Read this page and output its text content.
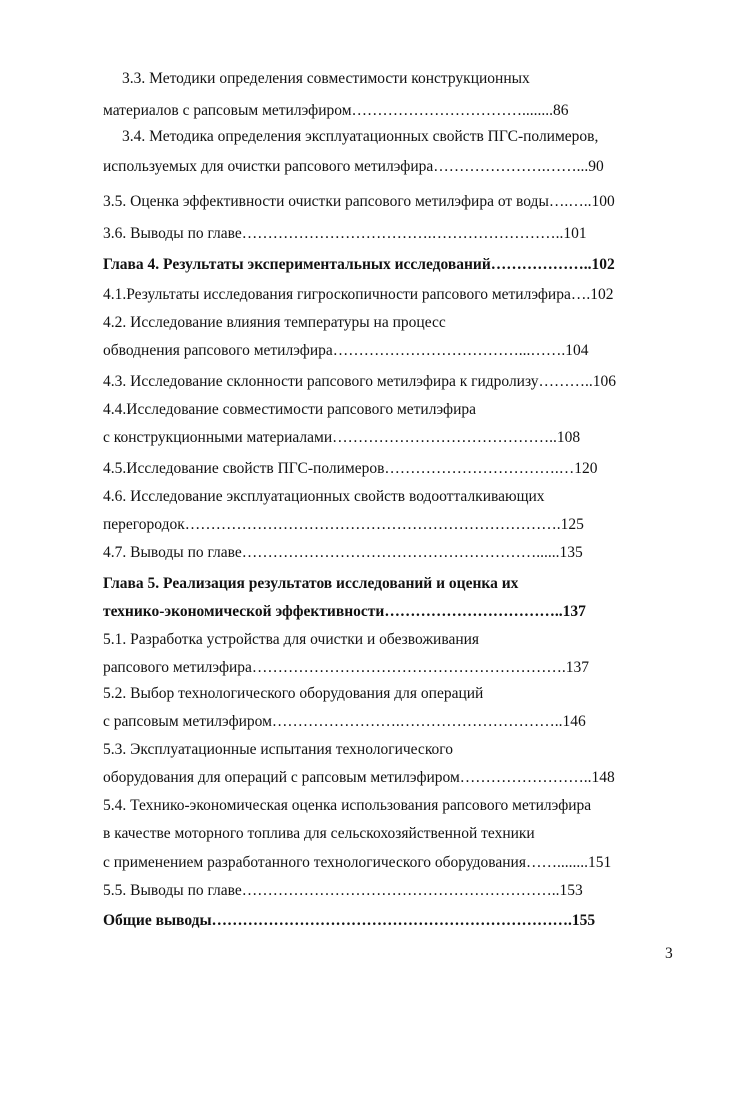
3.3. Методики определения совместимости конструкционных
материалов с рапсовым метилэфиром……………………………........86
3.4. Методика определения эксплуатационных свойств ПГС-полимеров,
используемых для очистки рапсового метилэфира………………….……...90
3.5. Оценка эффективности очистки рапсового метилэфира от воды….…..100
3.6. Выводы по главе……………………………….……………………..101
Глава 4. Результаты экспериментальных исследований………………..102
4.1.Результаты исследования гигроскопичности рапсового метилэфира….102
4.2. Исследование влияния температуры на процесс
обводнения рапсового метилэфира………………………………...…….104
4.3. Исследование склонности рапсового метилэфира к гидролизу………..106
4.4.Исследование совместимости рапсового метилэфира
с конструкционными материалами……………………………………..108
4.5.Исследование свойств ПГС-полимеров…………………………….…120
4.6. Исследование эксплуатационных свойств водоотталкивающих
перегородок……………………………………………………………….125
4.7. Выводы по главе…………………………………………………......135
Глава 5. Реализация результатов исследований и оценка их
технико-экономической эффективности……………………………..137
5.1. Разработка устройства для очистки и обезвоживания
рапсового метилэфира…………………………………………………….137
5.2. Выбор технологического оборудования для операций
с рапсовым метилэфиром…………………….…………………………..146
5.3. Эксплуатационные испытания технологического
оборудования для операций с рапсовым метилэфиром……………………..148
5.4. Технико-экономическая оценка использования рапсового метилэфира
в качестве моторного топлива для сельскохозяйственной техники
с применением разработанного технологического оборудования……........151
5.5. Выводы по главе……………………………………………………..153
Общие выводы…………………………………………………………….155
3
